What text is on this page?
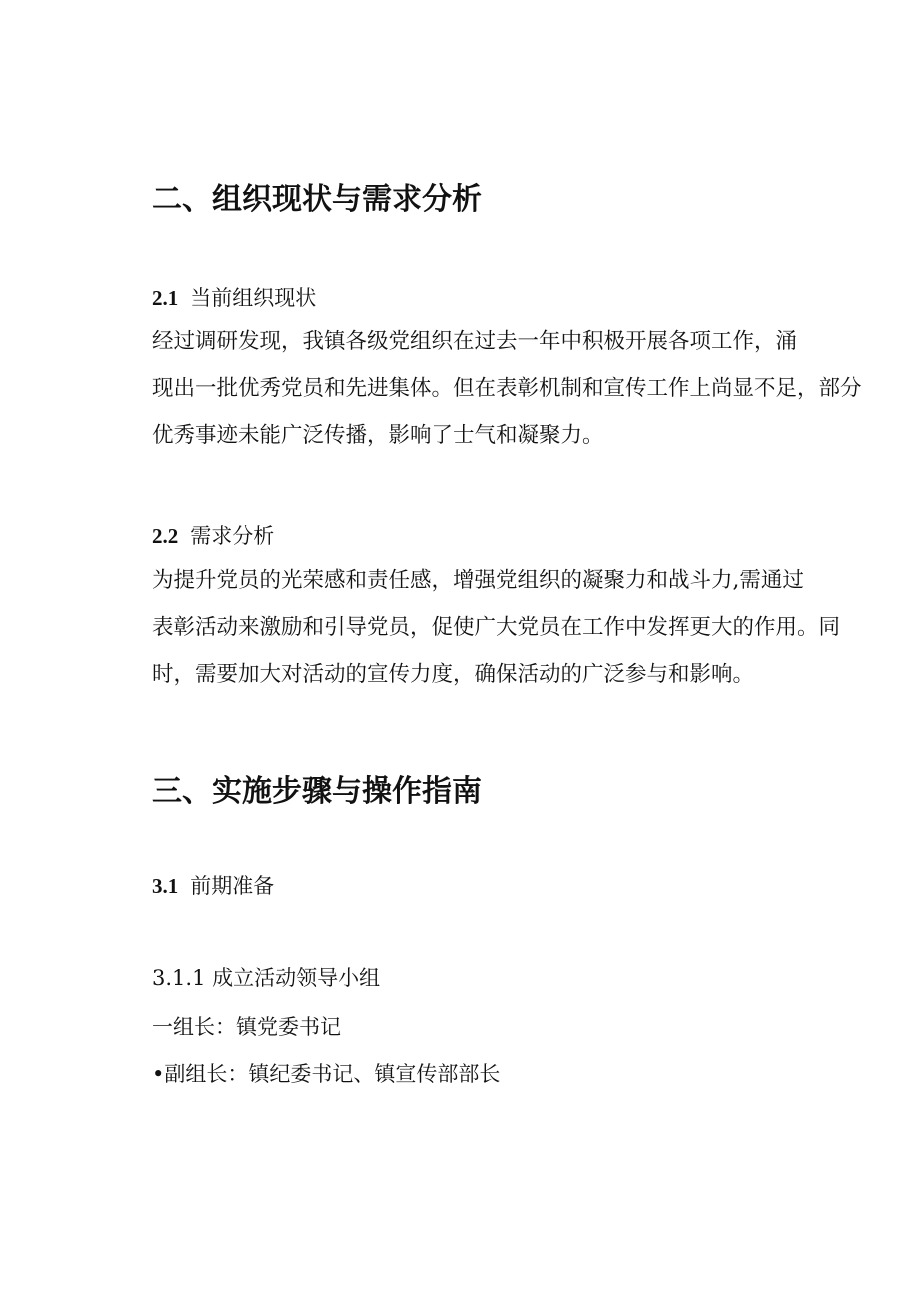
二、组织现状与需求分析
2.1 当前组织现状
经过调研发现，我镇各级党组织在过去一年中积极开展各项工作，涌
现出一批优秀党员和先进集体。但在表彰机制和宣传工作上尚显不足，部分
优秀事迹未能广泛传播，影响了士气和凝聚力。
2.2 需求分析
为提升党员的光荣感和责任感，增强党组织的凝聚力和战斗力,需通过
表彰活动来激励和引导党员，促使广大党员在工作中发挥更大的作用。同
时，需要加大对活动的宣传力度，确保活动的广泛参与和影响。
三、实施步骤与操作指南
3.1 前期准备
3.1.1 成立活动领导小组
一组长：镇党委书记
•副组长：镇纪委书记、镇宣传部部长
